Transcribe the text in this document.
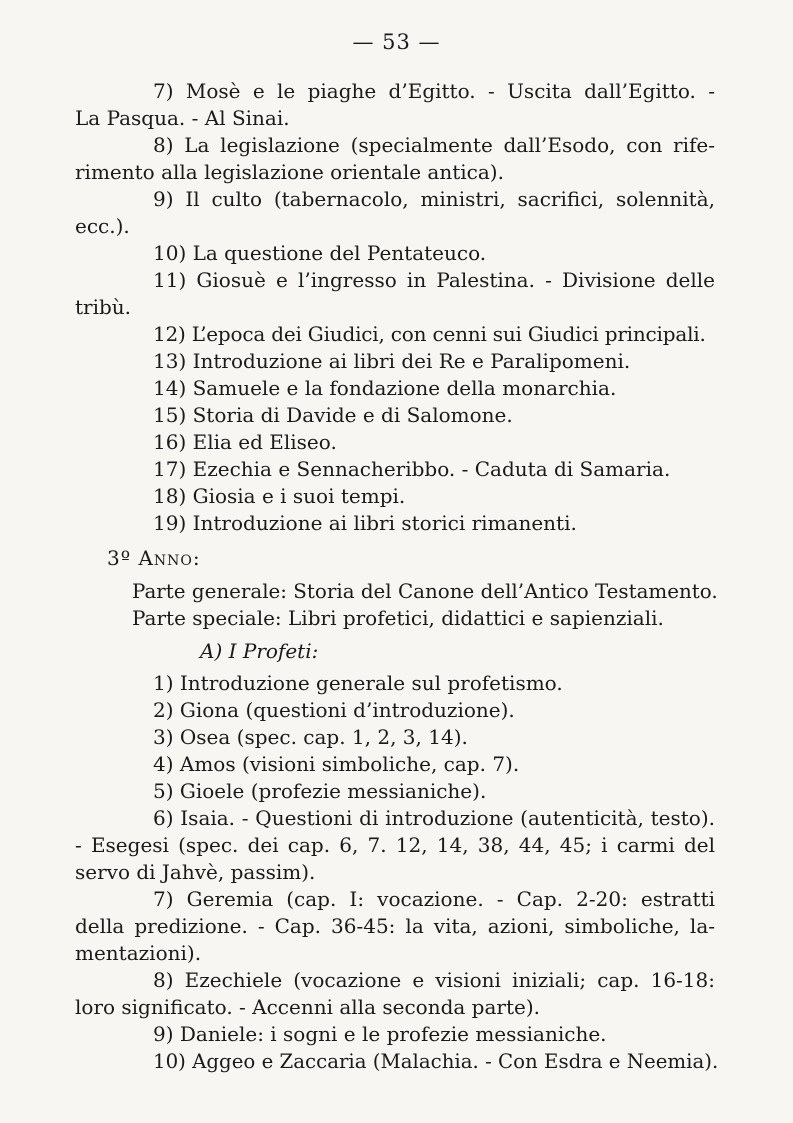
— 53 —
7) Mosè e le piaghe d’Egitto. - Uscita dall’Egitto. -
La Pasqua. - Al Sinai.
8) La legislazione (specialmente dall’Esodo, con rife-
rimento alla legislazione orientale antica).
9) Il culto (tabernacolo, ministri, sacrifici, solennità,
ecc.).
10) La questione del Pentateuco.
11) Giosuè e l’ingresso in Palestina. - Divisione delle
tribù.
12) L’epoca dei Giudici, con cenni sui Giudici principali.
13) Introduzione ai libri dei Re e Paralipomeni.
14) Samuele e la fondazione della monarchia.
15) Storia di Davide e di Salomone.
16) Elia ed Eliseo.
17) Ezechia e Sennacheribbo. - Caduta di Samaria.
18) Giosia e i suoi tempi.
19) Introduzione ai libri storici rimanenti.
3º Anno:
Parte generale: Storia del Canone dell’Antico Testamento.
Parte speciale: Libri profetici, didattici e sapienziali.
A) I Profeti:
1) Introduzione generale sul profetismo.
2) Giona (questioni d’introduzione).
3) Osea (spec. cap. 1, 2, 3, 14).
4) Amos (visioni simboliche, cap. 7).
5) Gioele (profezie messianiche).
6) Isaia. - Questioni di introduzione (autenticità, testo).
- Esegesi (spec. dei cap. 6, 7. 12, 14, 38, 44, 45; i carmi del
servo di Jahvè, passim).
7) Geremia (cap. I: vocazione. - Cap. 2-20: estratti
della predizione. - Cap. 36-45: la vita, azioni, simboliche, la-
mentazioni).
8) Ezechiele (vocazione e visioni iniziali; cap. 16-18:
loro significato. - Accenni alla seconda parte).
9) Daniele: i sogni e le profezie messianiche.
10) Aggeo e Zaccaria (Malachia. - Con Esdra e Neemia).
